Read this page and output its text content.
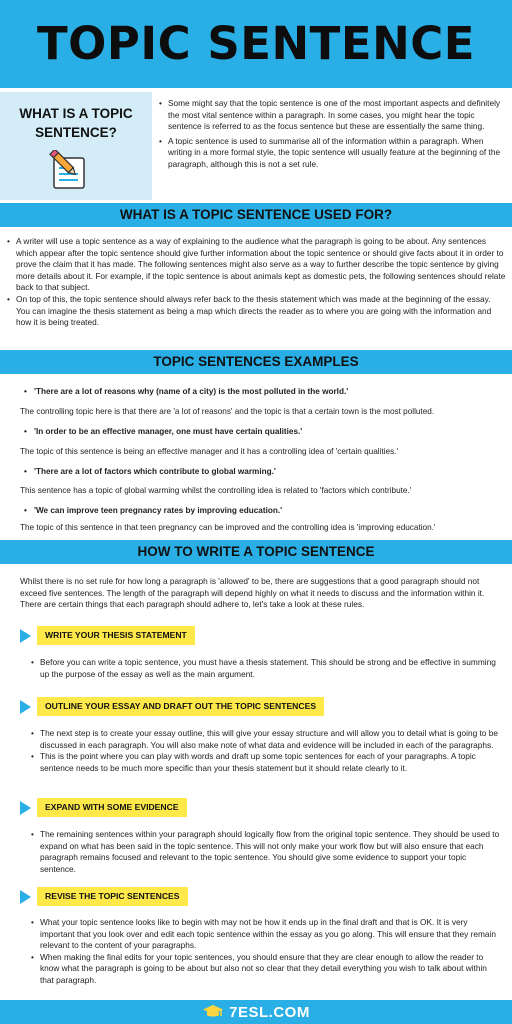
TOPIC SENTENCE
WHAT IS A TOPIC SENTENCE?
• Some might say that the topic sentence is one of the most important aspects and definitely the most vital sentence within a paragraph. In some cases, you might hear the topic sentence is referred to as the focus sentence but these are essentially the same thing.
• A topic sentence is used to summarise all of the information within a paragraph. When writing in a more formal style, the topic sentence will usually feature at the beginning of the paragraph, although this is not a set rule.
WHAT IS A TOPIC SENTENCE USED FOR?
• A writer will use a topic sentence as a way of explaining to the audience what the paragraph is going to be about. Any sentences which appear after the topic sentence should give further information about the topic sentence or should give facts about it in order to prove the claim that it has made. The following sentences might also serve as a way to further describe the topic sentence by giving more details about it. For example, if the topic sentence is about animals kept as domestic pets, the following sentences should relate back to that subject.
• On top of this, the topic sentence should always refer back to the thesis statement which was made at the beginning of the essay. You can imagine the thesis statement as being a map which directs the reader as to where you are going with the information and how it is being treated.
TOPIC SENTENCES EXAMPLES
• 'There are a lot of reasons why (name of a city) is the most polluted in the world.'
The controlling topic here is that there are 'a lot of reasons' and the topic is that a certain town is the most polluted.
• 'In order to be an effective manager, one must have certain qualities.'
The topic of this sentence is being an effective manager and it has a controlling idea of 'certain qualities.'
• 'There are a lot of factors which contribute to global warming.'
This sentence has a topic of global warming whilst the controlling idea is related to 'factors which contribute.'
• 'We can improve teen pregnancy rates by improving education.'
The topic of this sentence in that teen pregnancy can be improved and the controlling idea is 'improving education.'
HOW TO WRITE A TOPIC SENTENCE
Whilst there is no set rule for how long a paragraph is 'allowed' to be, there are suggestions that a good paragraph should not exceed five sentences. The length of the paragraph will depend highly on what it needs to discuss and the information within it. There are certain things that each paragraph should adhere to, let's take a look at these rules.
WRITE YOUR THESIS STATEMENT
• Before you can write a topic sentence, you must have a thesis statement. This should be strong and be effective in summing up the purpose of the essay as well as the main argument.
OUTLINE YOUR ESSAY AND DRAFT OUT THE TOPIC SENTENCES
• The next step is to create your essay outline, this will give your essay structure and will allow you to detail what is going to be discussed in each paragraph. You will also make note of what data and evidence will be included in each of the paragraphs.
• This is the point where you can play with words and draft up some topic sentences for each of your paragraphs. A topic sentence needs to be much more specific than your thesis statement but it should relate clearly to it.
EXPAND WITH SOME EVIDENCE
• The remaining sentences within your paragraph should logically flow from the original topic sentence. They should be used to expand on what has been said in the topic sentence. This will not only make your work flow but will also ensure that each paragraph remains focused and relevant to the topic sentence. You should give some evidence to support your topic sentence.
REVISE THE TOPIC SENTENCES
• What your topic sentence looks like to begin with may not be how it ends up in the final draft and that is OK. It is very important that you look over and edit each topic sentence within the essay as you go along. This will ensure that they remain relevant to the content of your paragraphs.
• When making the final edits for your topic sentences, you should ensure that they are clear enough to allow the reader to know what the paragraph is going to be about but also not so clear that they detail everything you wish to talk about within that paragraph.
7ESL.COM
